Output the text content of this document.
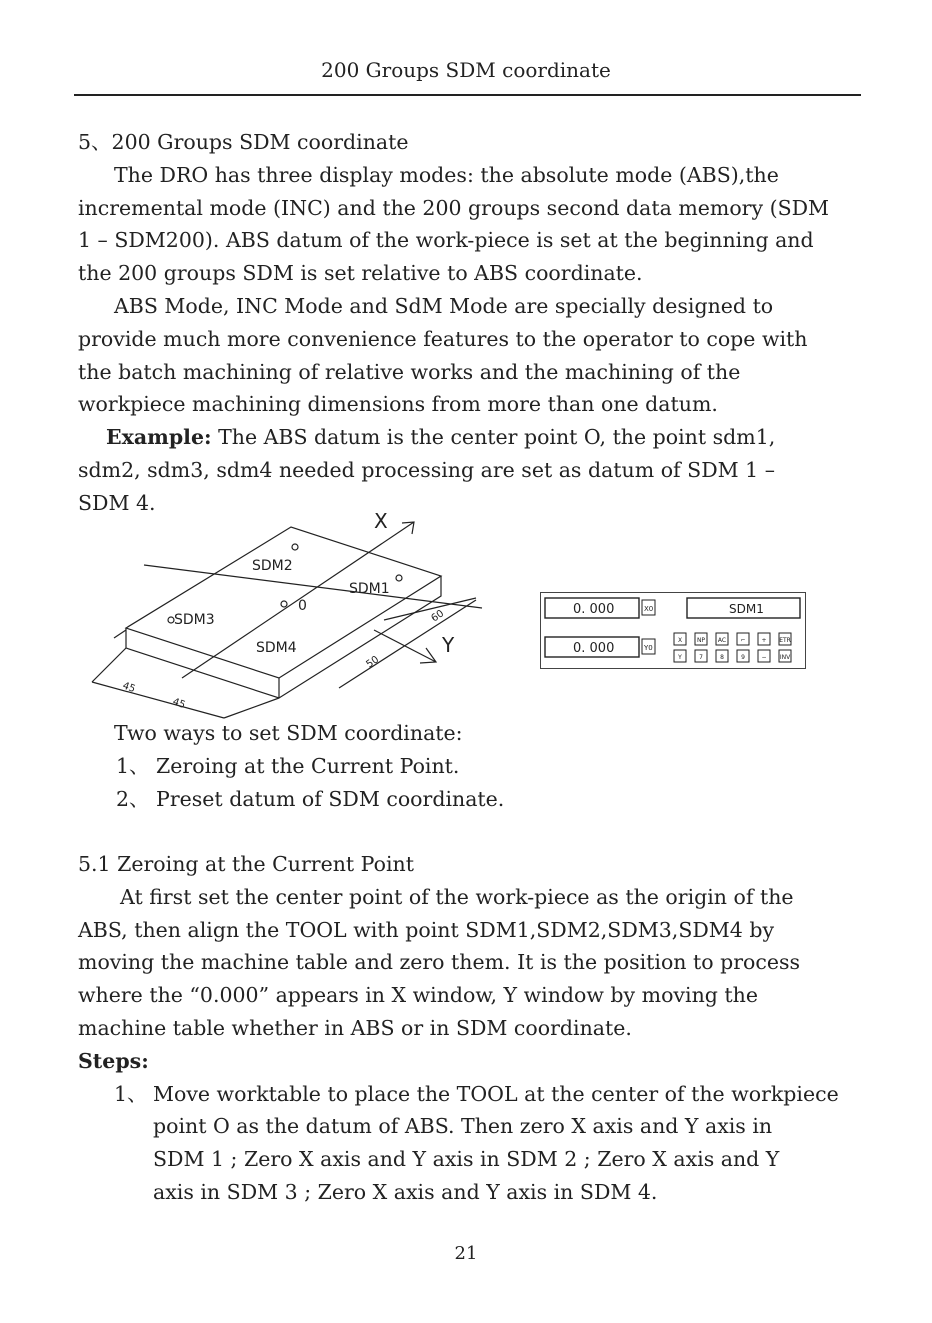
200 Groups SDM coordinate
5、200 Groups SDM coordinate
The DRO has three display modes: the absolute mode (ABS),the
incremental mode (INC) and the 200 groups second data memory (SDM
1 – SDM200). ABS datum of the work-piece is set at the beginning and
the 200 groups SDM is set relative to ABS coordinate.
ABS Mode, INC Mode and SdM Mode are specially designed to
provide much more convenience features to the operator to cope with
the batch machining of relative works and the machining of the
workpiece machining dimensions from more than one datum.
Example: The ABS datum is the center point O, the point sdm1,
sdm2, sdm3, sdm4 needed processing are set as datum of SDM 1 –
SDM 4.
X
Y
SDM2
SDM1
SDM3
SDM4
0
60
50
45
45
0. 000
0. 000
X0
Y0
SDM1
X NP AC ⌐	+ ETR
Y	7	8	9	− INV
Two ways to set SDM coordinate:
1、 Zeroing at the Current Point.
2、 Preset datum of SDM coordinate.
5.1 Zeroing at the Current Point
At first set the center point of the work-piece as the origin of the
ABS, then align the TOOL with point SDM1,SDM2,SDM3,SDM4 by
moving the machine table and zero them. It is the position to process
where the “0.000” appears in X window, Y window by moving the
machine table whether in ABS or in SDM coordinate.
Steps:
1、 Move worktable to place the TOOL at the center of the workpiece
point O as the datum of ABS. Then zero X axis and Y axis in
SDM 1 ; Zero X axis and Y axis in SDM 2 ; Zero X axis and Y
axis in SDM 3 ; Zero X axis and Y axis in SDM 4.
21
